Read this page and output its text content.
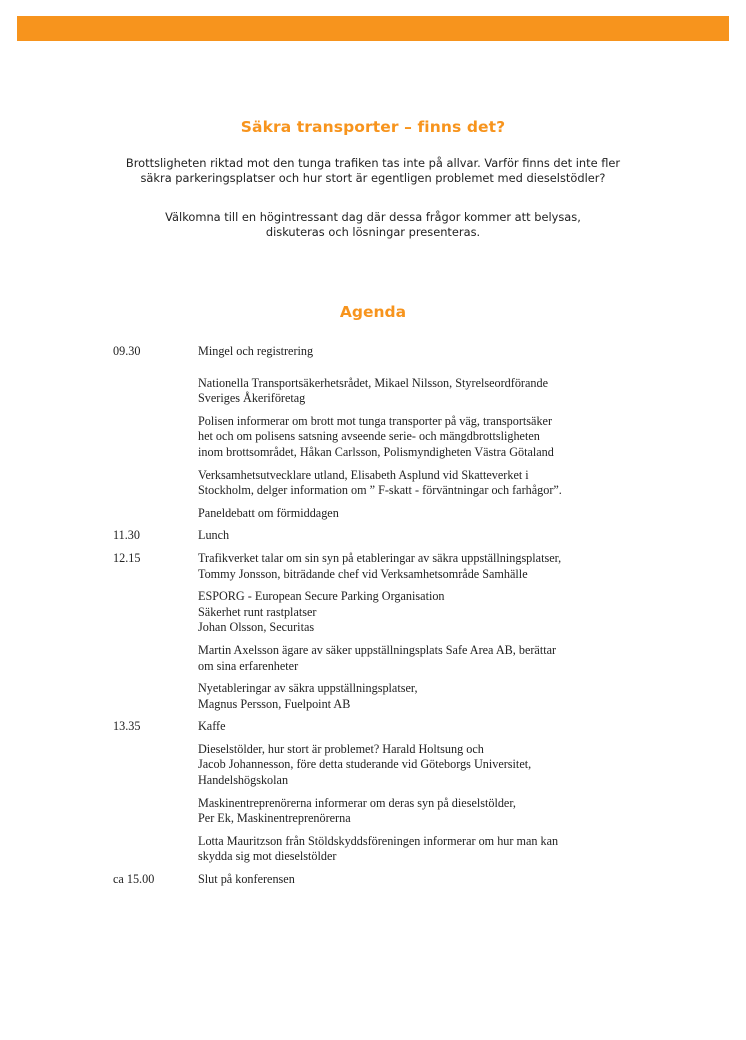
Säkra transporter – finns det?
Brottsligheten riktad mot den tunga trafiken tas inte på allvar. Varför finns det inte fler
säkra parkeringsplatser och hur stort är egentligen problemet med dieselstödler?
Välkomna till en högintressant dag där dessa frågor kommer att belysas,
diskuteras och lösningar presenteras.
Agenda
09.30	Mingel och registrering
Nationella Transportsäkerhetsrådet, Mikael Nilsson, Styrelseordförande
Sveriges Åkeriföretag
Polisen informerar om brott mot tunga transporter på väg, transportsäker
het och om polisens satsning avseende serie- och mängdbrottsligheten
inom brottsområdet, Håkan Carlsson, Polismyndigheten Västra Götaland
Verksamhetsutvecklare utland, Elisabeth Asplund vid Skatteverket i
Stockholm, delger information om ” F-skatt - förväntningar och farhågor”.
Paneldebatt om förmiddagen
11.30	Lunch
12.15	Trafikverket talar om sin syn på etableringar av säkra uppställningsplatser,
Tommy Jonsson, biträdande chef vid Verksamhetsområde Samhälle
ESPORG - European Secure Parking Organisation
Säkerhet runt rastplatser
Johan Olsson, Securitas
Martin Axelsson ägare av säker uppställningsplats Safe Area AB, berättar
om sina erfarenheter
Nyetableringar av säkra uppställningsplatser,
Magnus Persson, Fuelpoint AB
13.35	Kaffe
Dieselstölder, hur stort är problemet? Harald Holtsung och
Jacob Johannesson, före detta studerande vid Göteborgs Universitet,
Handelshögskolan
Maskinentreprenörerna informerar om deras syn på dieselstölder,
Per Ek, Maskinentreprenörerna
Lotta Mauritzson från Stöldskyddsföreningen informerar om hur man kan
skydda sig mot dieselstölder
ca 15.00	Slut på konferensen
